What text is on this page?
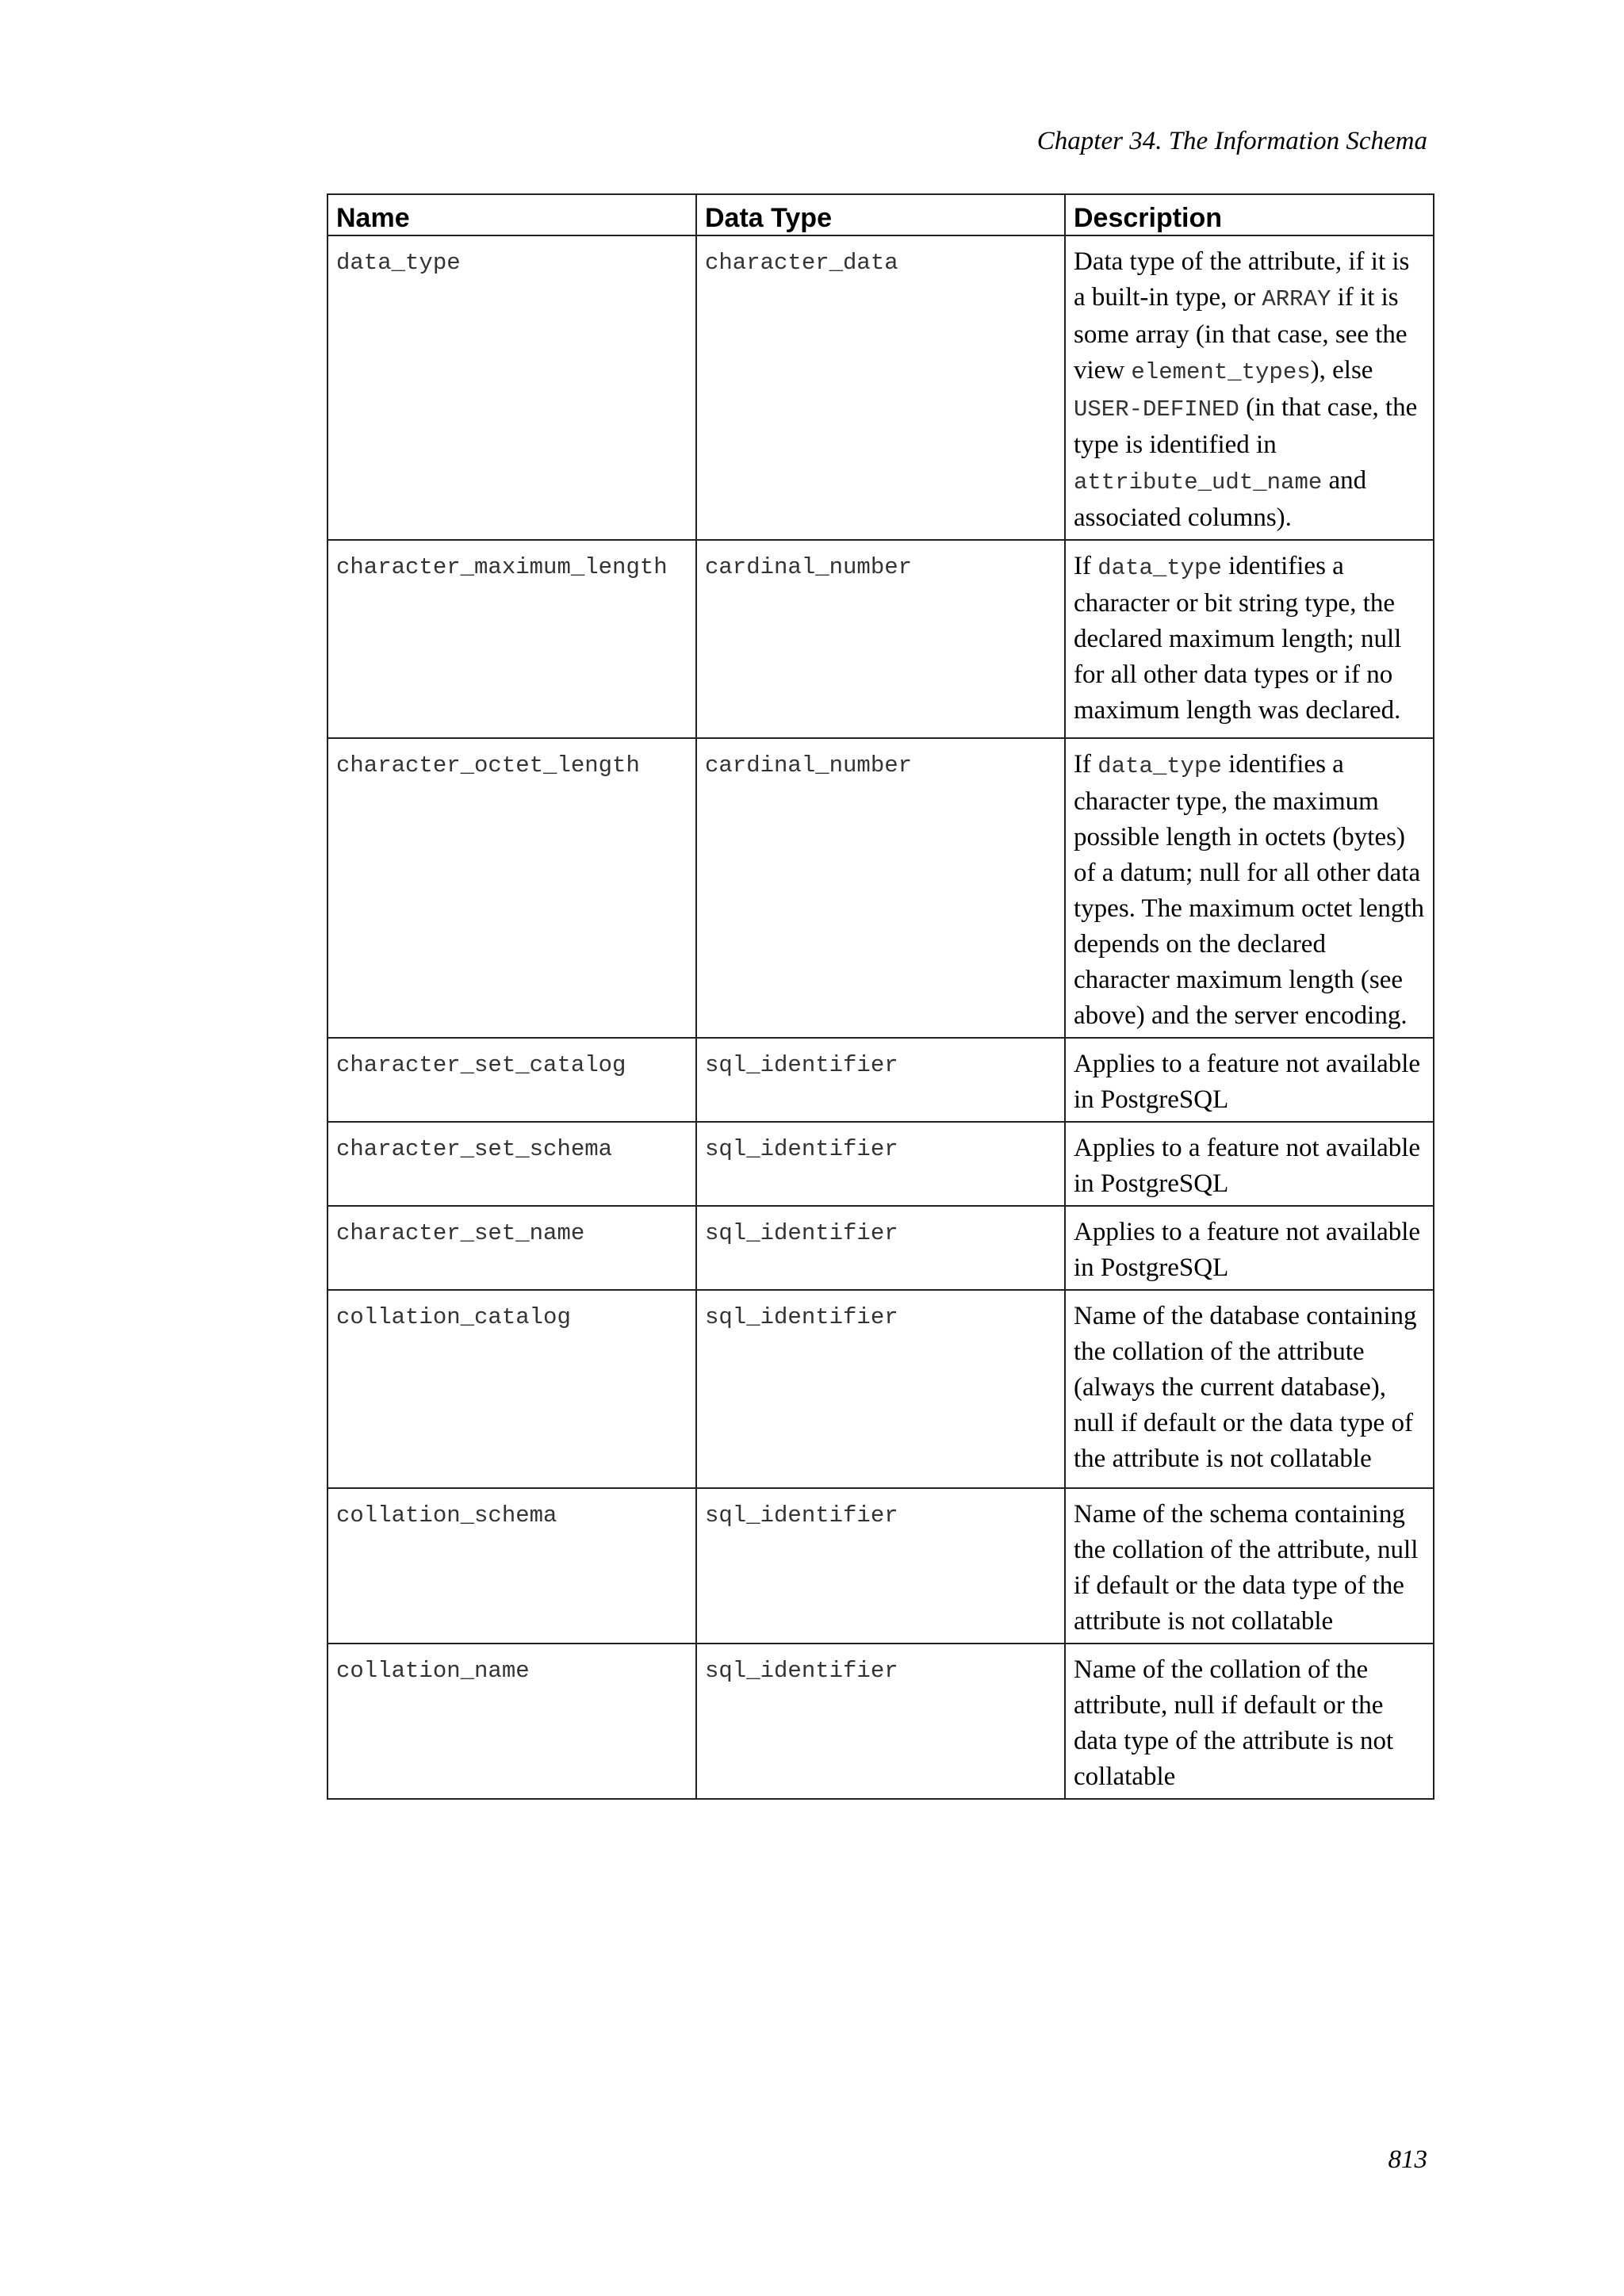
Chapter 34. The Information Schema
Name	Data Type	Description
data_type	character_data	Data type of the attribute, if it is a built-in type, or ARRAY if it is some array (in that case, see the view element_types), else USER-DEFINED (in that case, the type is identified in attribute_udt_name and associated columns).
character_maximum_length	cardinal_number	If data_type identifies a character or bit string type, the declared maximum length; null for all other data types or if no maximum length was declared.
character_octet_length	cardinal_number	If data_type identifies a character type, the maximum possible length in octets (bytes) of a datum; null for all other data types. The maximum octet length depends on the declared character maximum length (see above) and the server encoding.
character_set_catalog	sql_identifier	Applies to a feature not available in PostgreSQL
character_set_schema	sql_identifier	Applies to a feature not available in PostgreSQL
character_set_name	sql_identifier	Applies to a feature not available in PostgreSQL
collation_catalog	sql_identifier	Name of the database containing the collation of the attribute (always the current database), null if default or the data type of the attribute is not collatable
collation_schema	sql_identifier	Name of the schema containing the collation of the attribute, null if default or the data type of the attribute is not collatable
collation_name	sql_identifier	Name of the collation of the attribute, null if default or the data type of the attribute is not collatable
813
